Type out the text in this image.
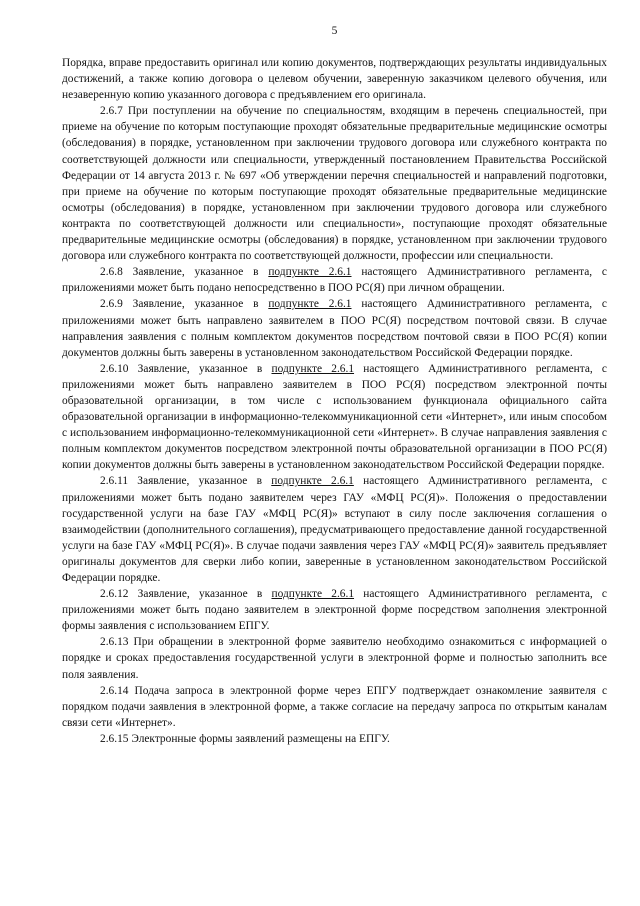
5

Порядка, вправе предоставить оригинал или копию документов, подтверждающих результаты индивидуальных достижений, а также копию договора о целевом обучении, заверенную заказчиком целевого обучения, или незаверенную копию указанного договора с предъявлением его оригинала.

2.6.7 При поступлении на обучение по специальностям, входящим в перечень специальностей, при приеме на обучение по которым поступающие проходят обязательные предварительные медицинские осмотры (обследования) в порядке, установленном при заключении трудового договора или служебного контракта по соответствующей должности или специальности, утвержденный постановлением Правительства Российской Федерации от 14 августа 2013 г. № 697 «Об утверждении перечня специальностей и направлений подготовки, при приеме на обучение по которым поступающие проходят обязательные предварительные медицинские осмотры (обследования) в порядке, установленном при заключении трудового договора или служебного контракта по соответствующей должности или специальности», поступающие проходят обязательные предварительные медицинские осмотры (обследования) в порядке, установленном при заключении трудового договора или служебного контракта по соответствующей должности, профессии или специальности.

2.6.8 Заявление, указанное в подпункте 2.6.1 настоящего Административного регламента, с приложениями может быть подано непосредственно в ПОО РС(Я) при личном обращении.

2.6.9 Заявление, указанное в подпункте 2.6.1 настоящего Административного регламента, с приложениями может быть направлено заявителем в ПОО РС(Я) посредством почтовой связи. В случае направления заявления с полным комплектом документов посредством почтовой связи в ПОО РС(Я) копии документов должны быть заверены в установленном законодательством Российской Федерации порядке.

2.6.10 Заявление, указанное в подпункте 2.6.1 настоящего Административного регламента, с приложениями может быть направлено заявителем в ПОО РС(Я) посредством электронной почты образовательной организации, в том числе с использованием функционала официального сайта образовательной организации в информационно-телекоммуникационной сети «Интернет», или иным способом с использованием информационно-телекоммуникационной сети «Интернет». В случае направления заявления с полным комплектом документов посредством электронной почты образовательной организации в ПОО РС(Я) копии документов должны быть заверены в установленном законодательством Российской Федерации порядке.

2.6.11 Заявление, указанное в подпункте 2.6.1 настоящего Административного регламента, с приложениями может быть подано заявителем через ГАУ «МФЦ РС(Я)». Положения о предоставлении государственной услуги на базе ГАУ «МФЦ РС(Я)» вступают в силу после заключения соглашения о взаимодействии (дополнительного соглашения), предусматривающего предоставление данной государственной услуги на базе ГАУ «МФЦ РС(Я)». В случае подачи заявления через ГАУ «МФЦ РС(Я)» заявитель предъявляет оригиналы документов для сверки либо копии, заверенные в установленном законодательством Российской Федерации порядке.

2.6.12 Заявление, указанное в подпункте 2.6.1 настоящего Административного регламента, с приложениями может быть подано заявителем в электронной форме посредством заполнения электронной формы заявления с использованием ЕПГУ.

2.6.13 При обращении в электронной форме заявителю необходимо ознакомиться с информацией о порядке и сроках предоставления государственной услуги в электронной форме и полностью заполнить все поля заявления.

2.6.14 Подача запроса в электронной форме через ЕПГУ подтверждает ознакомление заявителя с порядком подачи заявления в электронной форме, а также согласие на передачу запроса по открытым каналам связи сети «Интернет».

2.6.15 Электронные формы заявлений размещены на ЕПГУ.
